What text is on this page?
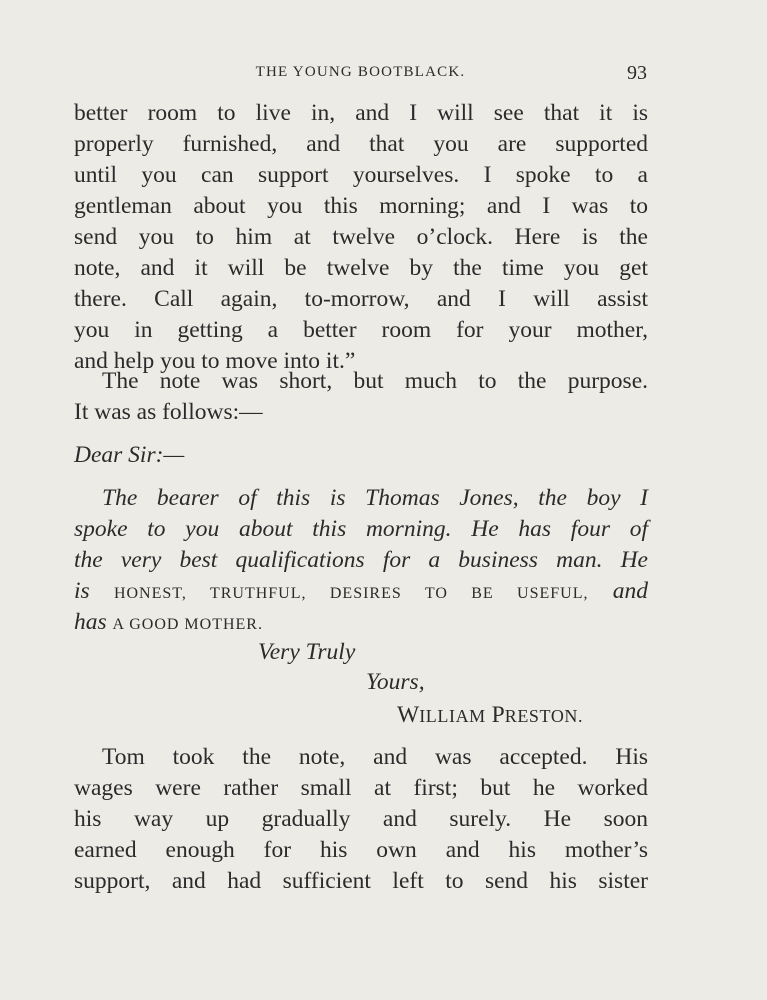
THE YOUNG BOOTBLACK.	93
better room to live in, and I will see that it is
properly furnished, and that you are supported
until you can support yourselves. I spoke to a
gentleman about you this morning; and I was to
send you to him at twelve o’clock. Here is the
note, and it will be twelve by the time you get
there. Call again, to-morrow, and I will assist
you in getting a better room for your mother,
and help you to move into it.”
The note was short, but much to the purpose.
It was as follows:—
Dear Sir:—
The bearer of this is Thomas Jones, the boy I
spoke to you about this morning. He has four of
the very best qualifications for a business man. He
is HONEST, TRUTHFUL, DESIRES TO BE USEFUL, and
has A GOOD MOTHER.
Very Truly
Yours,
WILLIAM PRESTON.
Tom took the note, and was accepted. His
wages were rather small at first; but he worked
his way up gradually and surely. He soon
earned enough for his own and his mother’s
support, and had sufficient left to send his sister
